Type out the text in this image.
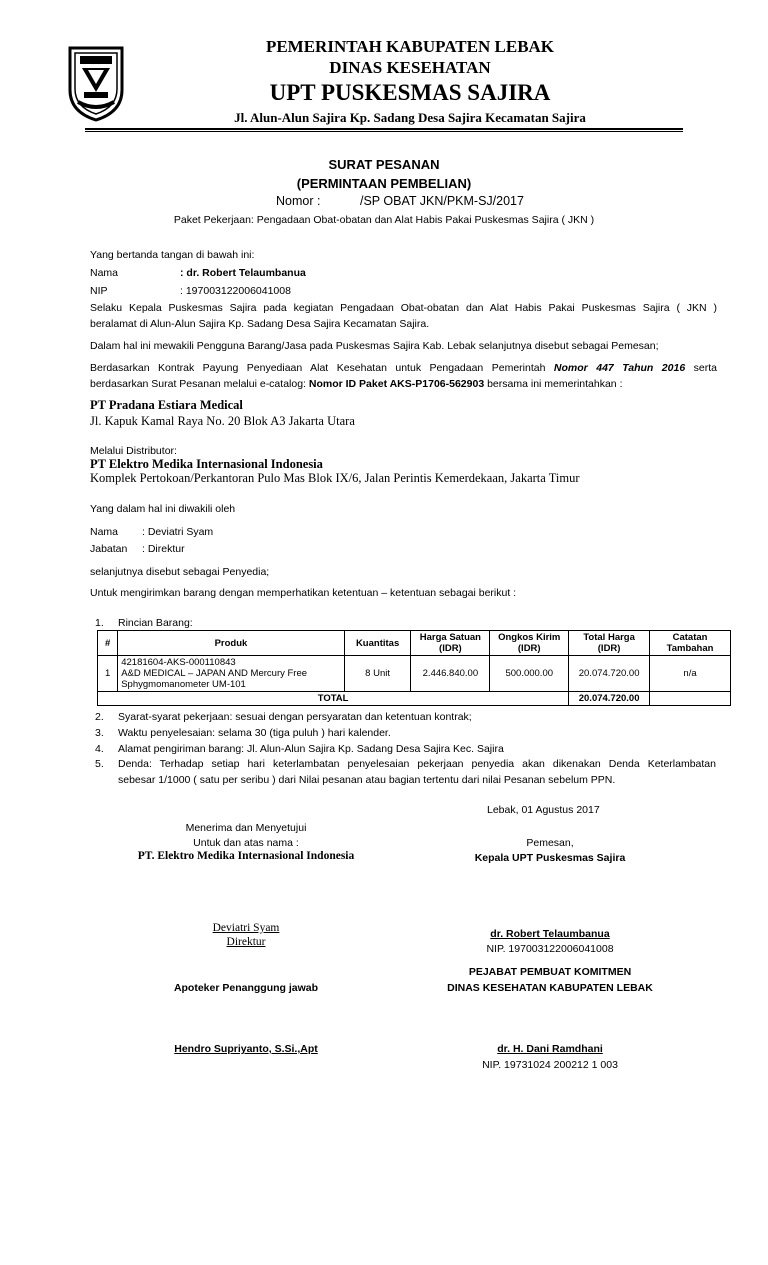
PEMERINTAH KABUPATEN LEBAK
DINAS KESEHATAN
UPT PUSKESMAS SAJIRA
Jl. Alun-Alun Sajira Kp. Sadang Desa Sajira Kecamatan Sajira
SURAT PESANAN
(PERMINTAAN PEMBELIAN)
Nomor :	/SP OBAT JKN/PKM-SJ/2017
Paket Pekerjaan: Pengadaan Obat-obatan dan Alat Habis Pakai Puskesmas Sajira ( JKN )
Yang bertanda tangan di bawah ini:
Nama	: dr. Robert Telaumbanua
NIP	: 197003122006041008
Selaku Kepala Puskesmas Sajira pada kegiatan Pengadaan Obat-obatan dan Alat Habis Pakai Puskesmas Sajira ( JKN )
beralamat di Alun-Alun Sajira Kp. Sadang Desa Sajira Kecamatan Sajira.
Dalam hal ini mewakili Pengguna Barang/Jasa pada Puskesmas Sajira Kab. Lebak selanjutnya disebut sebagai Pemesan;
Berdasarkan Kontrak Payung Penyediaan Alat Kesehatan untuk Pengadaan Pemerintah Nomor 447 Tahun 2016 serta
berdasarkan Surat Pesanan melalui e-catalog: Nomor ID Paket AKS-P1706-562903 bersama ini memerintahkan :
PT Pradana Estiara Medical
Jl. Kapuk Kamal Raya No. 20 Blok A3 Jakarta Utara
Melalui Distributor:
PT Elektro Medika Internasional Indonesia
Komplek Pertokoan/Perkantoran Pulo Mas Blok IX/6, Jalan Perintis Kemerdekaan, Jakarta Timur
Yang dalam hal ini diwakili oleh
Nama : Deviatri Syam
Jabatan : Direktur
selanjutnya disebut sebagai Penyedia;
Untuk mengirimkan barang dengan memperhatikan ketentuan – ketentuan sebagai berikut :
1. Rincian Barang:
#	Produk	Kuantitas	Harga Satuan (IDR)	Ongkos Kirim (IDR)	Total Harga (IDR)	Catatan Tambahan
1	42181604-AKS-000110843
A&D MEDICAL – JAPAN AND Mercury Free
Sphygmomanometer UM-101	8 Unit	2.446.840.00	500.000.00	20.074.720.00	n/a
TOTAL					20.074.720.00	
2. Syarat-syarat pekerjaan: sesuai dengan persyaratan dan ketentuan kontrak;
3. Waktu penyelesaian: selama 30 (tiga puluh ) hari kalender.
4. Alamat pengiriman barang: Jl. Alun-Alun Sajira Kp. Sadang Desa Sajira Kec. Sajira
5. Denda: Terhadap setiap hari keterlambatan penyelesaian pekerjaan penyedia akan dikenakan Denda Keterlambatan
sebesar 1/1000 ( satu per seribu ) dari Nilai pesanan atau bagian tertentu dari nilai Pesanan sebelum PPN.
Lebak, 01 Agustus 2017
Menerima dan Menyetujui
Untuk dan atas nama :
PT. Elektro Medika Internasional Indonesia
Pemesan,
Kepala UPT Puskesmas Sajira
Deviatri Syam
Direktur
dr. Robert Telaumbanua
NIP. 197003122006041008
PEJABAT PEMBUAT KOMITMEN
DINAS KESEHATAN KABUPATEN LEBAK
Apoteker Penanggung jawab
Hendro Supriyanto, S.Si.,Apt	dr. H. Dani Ramdhani
NIP. 19731024 200212 1 003
